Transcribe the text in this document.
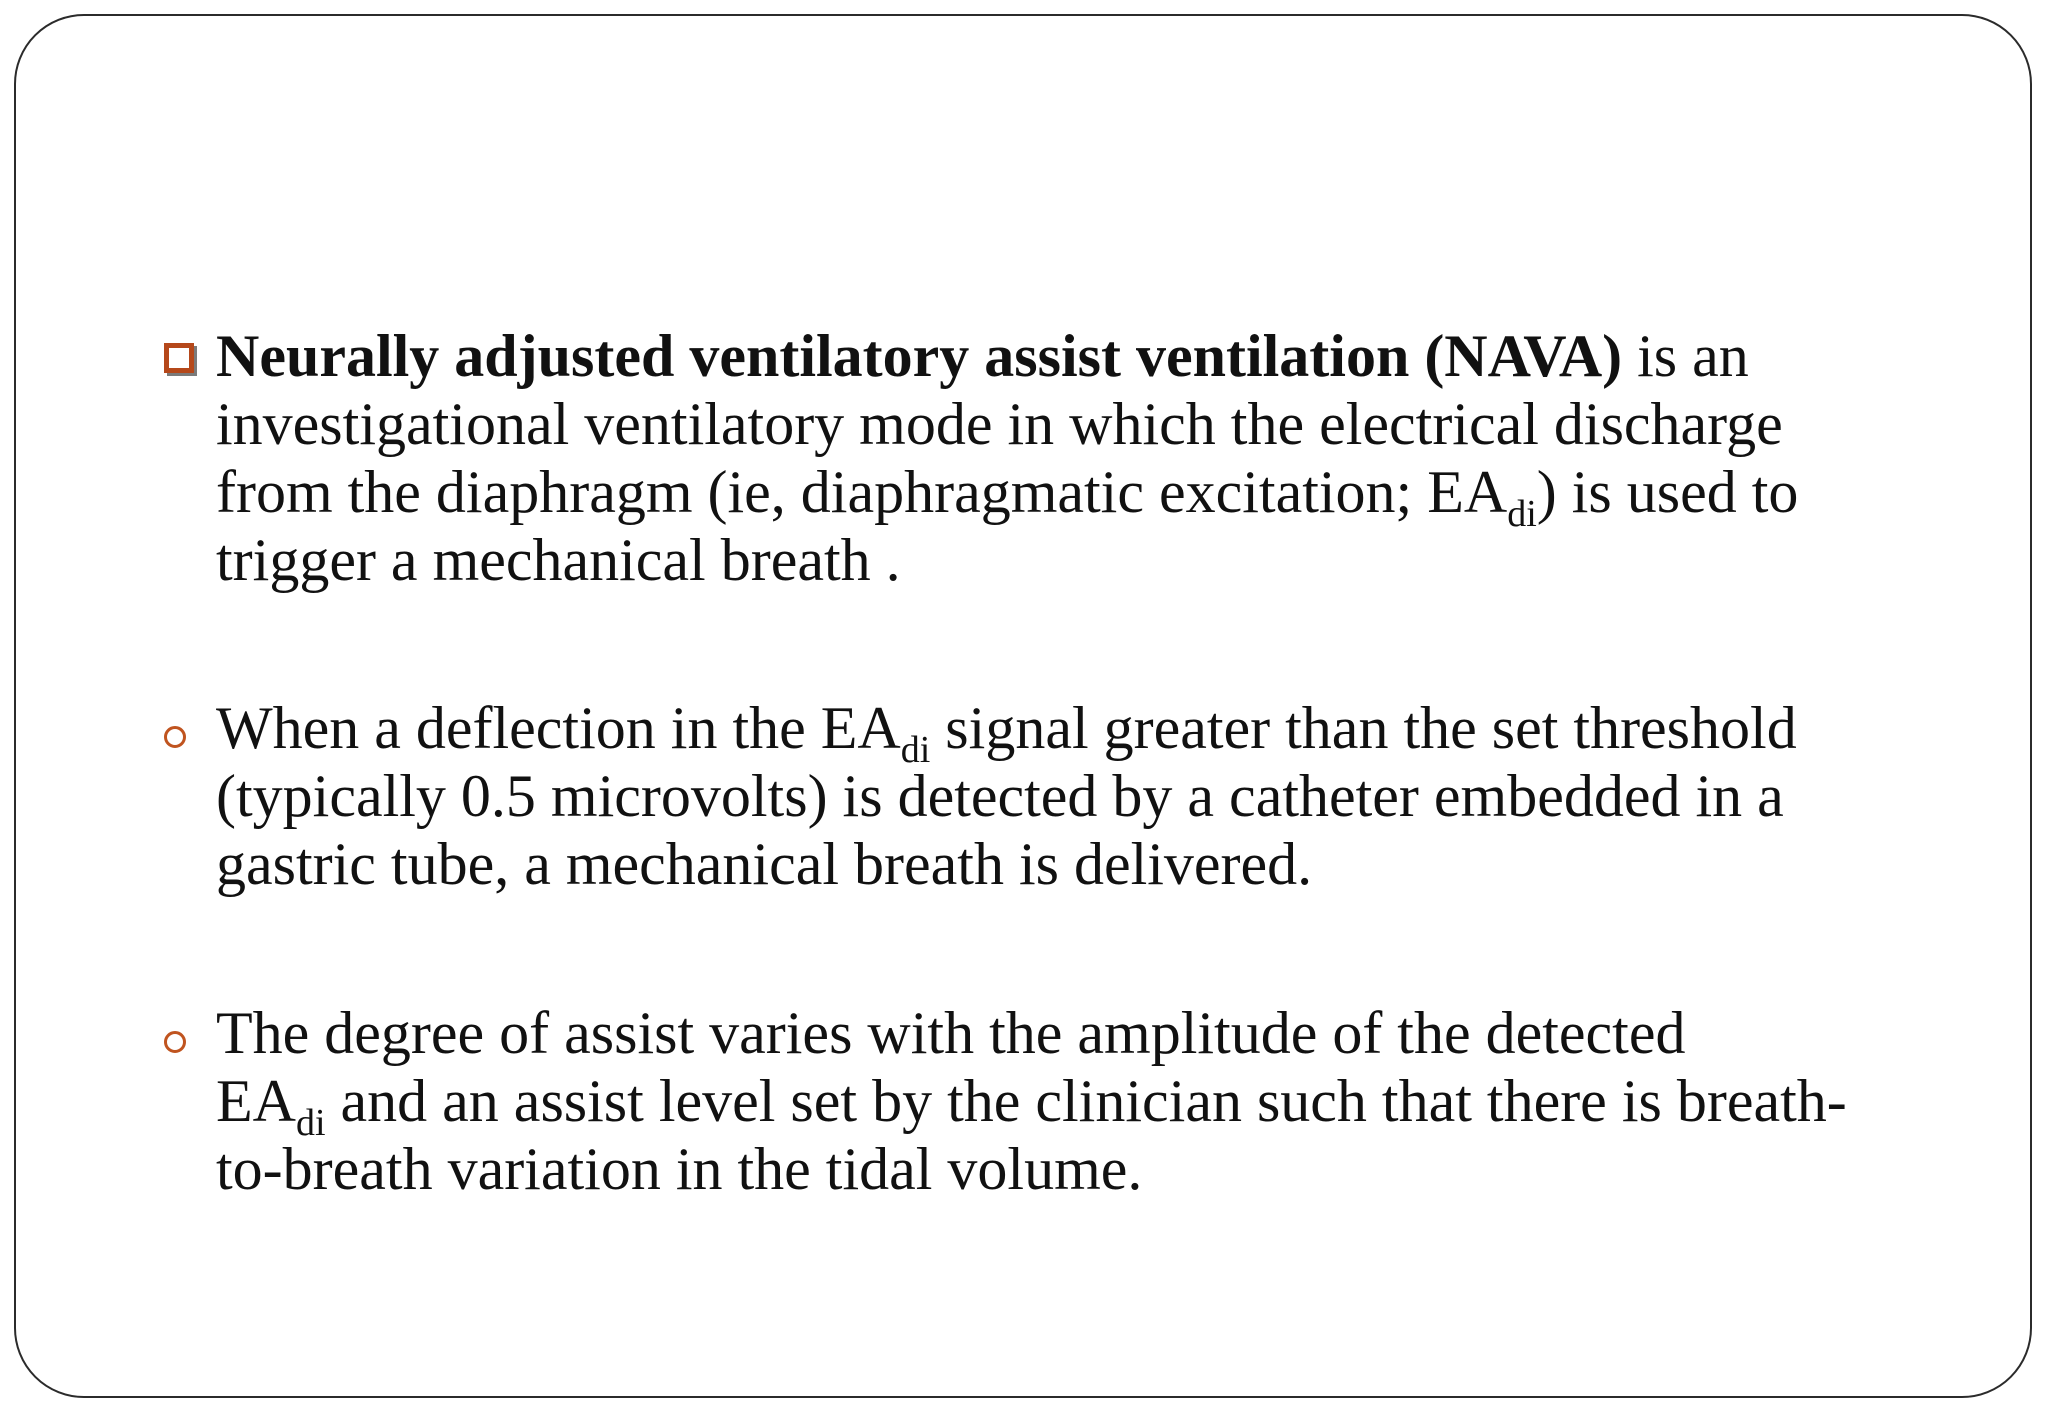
Neurally adjusted ventilatory assist ventilation (NAVA) is an
investigational ventilatory mode in which the electrical discharge
from the diaphragm (ie, diaphragmatic excitation; $EA_{di}$) is used to
trigger a mechanical breath .
When a deflection in the $EA_{di}$ signal greater than the set threshold
(typically 0.5 microvolts) is detected by a catheter embedded in a
gastric tube, a mechanical breath is delivered.
The degree of assist varies with the amplitude of the detected
$EA_{di}$ and an assist level set by the clinician such that there is breath-
to-breath variation in the tidal volume.
